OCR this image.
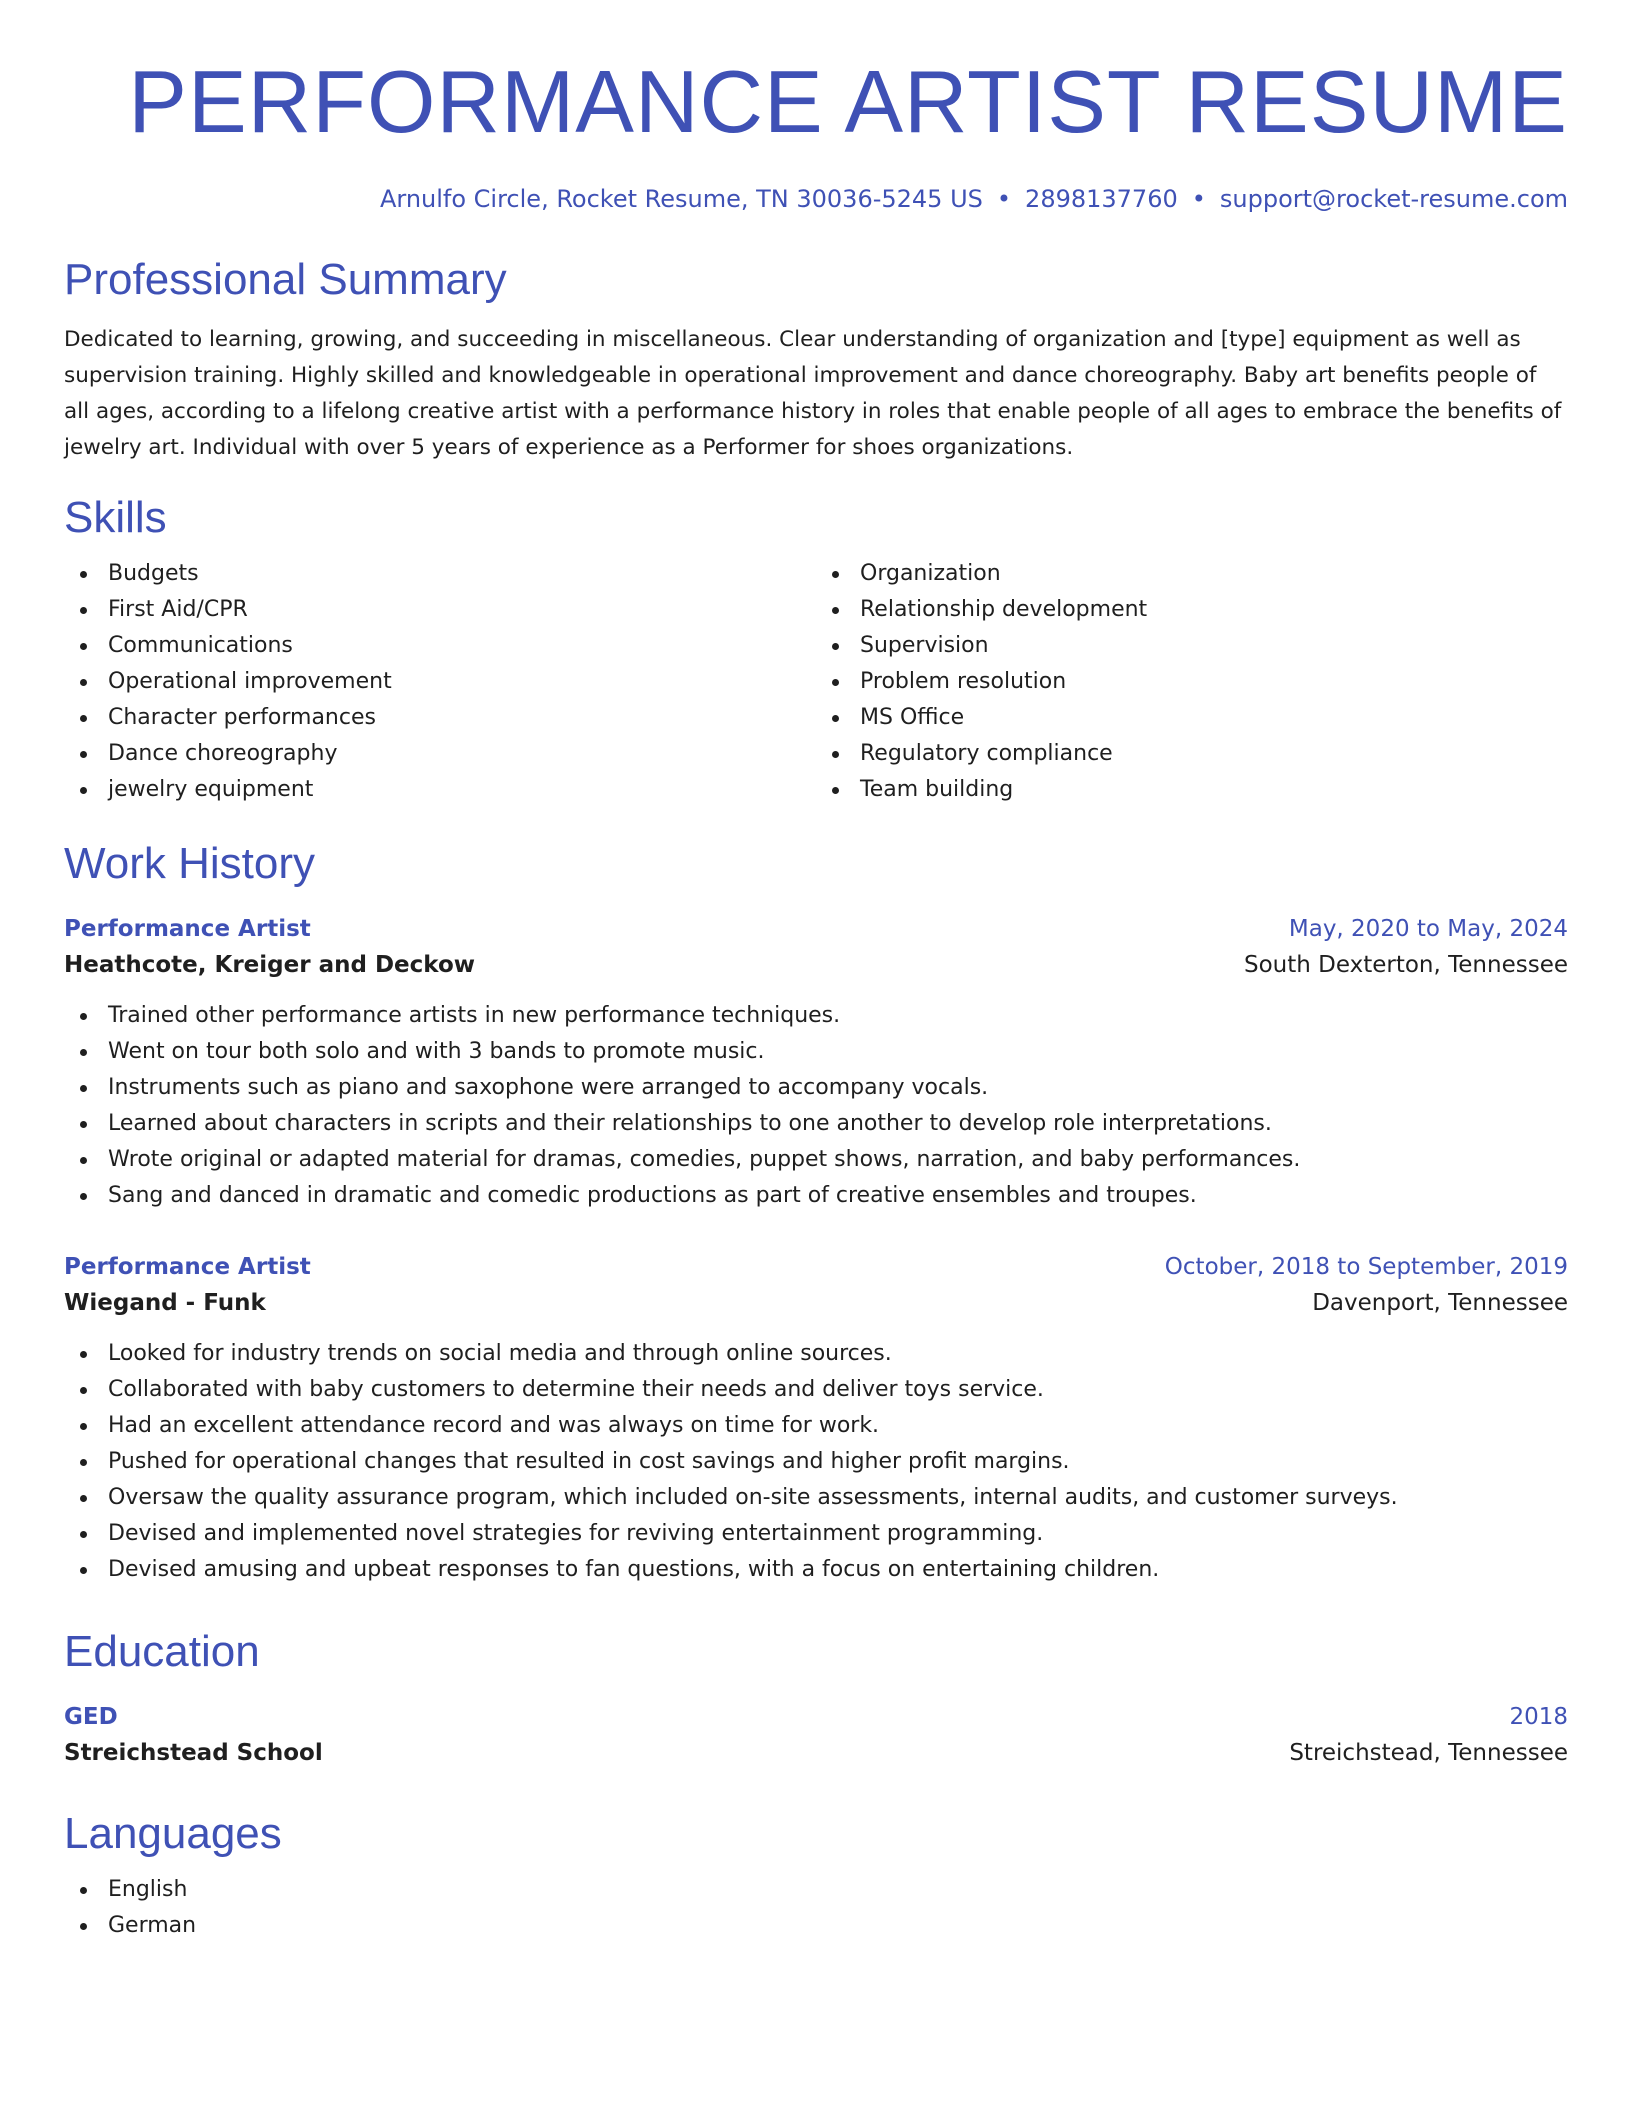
PERFORMANCE ARTIST RESUME
Arnulfo Circle, Rocket Resume, TN 30036-5245 US • 2898137760 • support@rocket-resume.com
Professional Summary

Dedicated to learning, growing, and succeeding in miscellaneous. Clear understanding of organization and [type] equipment as well as supervision training. Highly skilled and knowledgeable in operational improvement and dance choreography. Baby art benefits people of all ages, according to a lifelong creative artist with a performance history in roles that enable people of all ages to embrace the benefits of jewelry art. Individual with over 5 years of experience as a Performer for shoes organizations.

Skills
Budgets
First Aid/CPR
Communications
Operational improvement
Character performances
Dance choreography
jewelry equipment
Organization
Relationship development
Supervision
Problem resolution
MS Office
Regulatory compliance
Team building
Work History
Performance Artist	May, 2020 to May, 2024
Heathcote, Kreiger and Deckow	South Dexterton, Tennessee
Trained other performance artists in new performance techniques.
Went on tour both solo and with 3 bands to promote music.
Instruments such as piano and saxophone were arranged to accompany vocals.
Learned about characters in scripts and their relationships to one another to develop role interpretations.
Wrote original or adapted material for dramas, comedies, puppet shows, narration, and baby performances.
Sang and danced in dramatic and comedic productions as part of creative ensembles and troupes.
Performance Artist	October, 2018 to September, 2019
Wiegand - Funk	Davenport, Tennessee
Looked for industry trends on social media and through online sources.
Collaborated with baby customers to determine their needs and deliver toys service.
Had an excellent attendance record and was always on time for work.
Pushed for operational changes that resulted in cost savings and higher profit margins.
Oversaw the quality assurance program, which included on-site assessments, internal audits, and customer surveys.
Devised and implemented novel strategies for reviving entertainment programming.
Devised amusing and upbeat responses to fan questions, with a focus on entertaining children.
Education
GED	2018
Streichstead School	Streichstead, Tennessee
Languages
English
German
